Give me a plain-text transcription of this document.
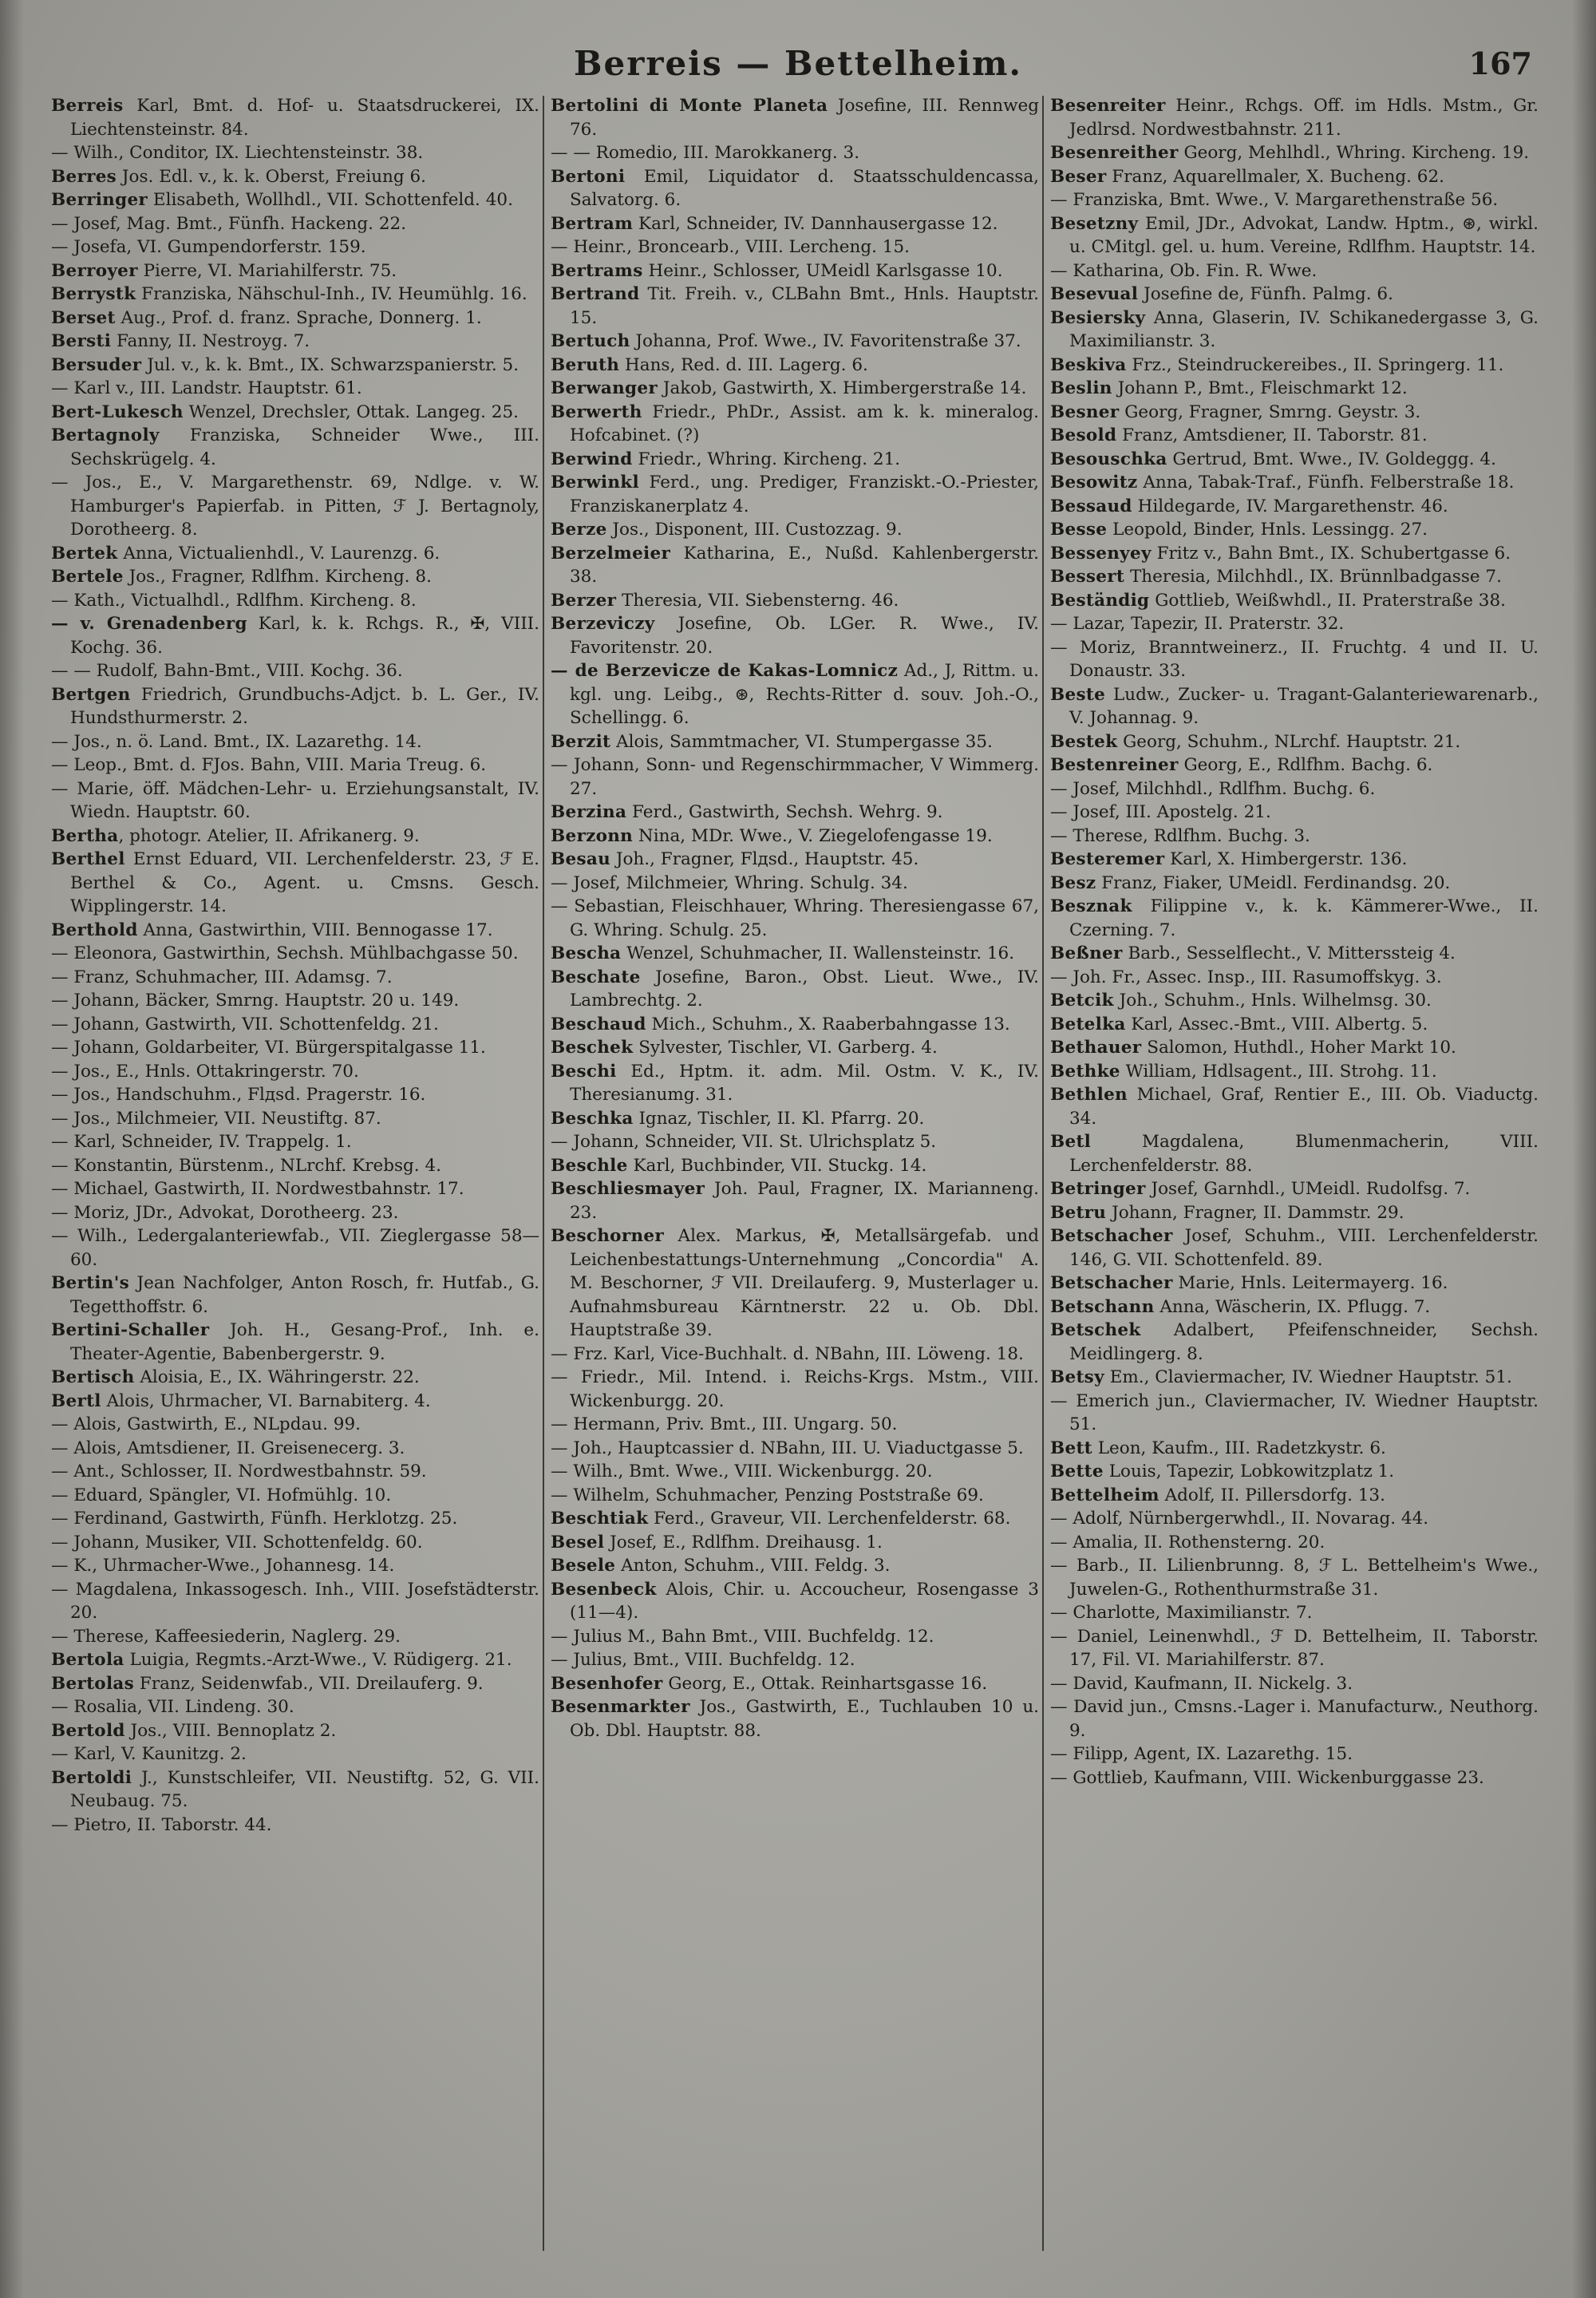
Berreis — Bettelheim.	167
Berreis Karl, Bmt. d. Hof- u. Staatsdruckerei, IX. Liechtensteinstr. 84.
— Wilh., Conditor, IX. Liechtensteinstr. 38.
Berres Jos. Edl. v., k. k. Oberst, Freiung 6.
Berringer Elisabeth, Wollhdl., VII. Schottenfeld. 40.
— Josef, Mag. Bmt., Fünfh. Hackeng. 22.
— Josefa, VI. Gumpendorferstr. 159.
Berroyer Pierre, VI. Mariahilferstr. 75.
Berrystk Franziska, Nähschul-Inh., IV. Heumühlg. 16.
Berset Aug., Prof. d. franz. Sprache, Donnerg. 1.
Bersti Fanny, II. Nestroyg. 7.
Bersuder Jul. v., k. k. Bmt., IX. Schwarzspanierstr. 5.
— Karl v., III. Landstr. Hauptstr. 61.
Bert-Lukesch Wenzel, Drechsler, Ottak. Langeg. 25.
Bertagnoly Franziska, Schneider Wwe., III. Sechskrügelg. 4.
— Jos., E., V. Margarethenstr. 69, Ndlge. v. W. Hamburger's Papierfab. in Pitten, ℱ J. Bertagnoly, Dorotheerg. 8.
Bertek Anna, Victualienhdl., V. Laurenzg. 6.
Bertele Jos., Fragner, Rdlfhm. Kircheng. 8.
— Kath., Victualhdl., Rdlfhm. Kircheng. 8.
— v. Grenadenberg Karl, k. k. Rchgs. R., ✠, VIII. Kochg. 36.
— — Rudolf, Bahn-Bmt., VIII. Kochg. 36.
Bertgen Friedrich, Grundbuchs-Adjct. b. L. Ger., IV. Hundsthurmerstr. 2.
— Jos., n. ö. Land. Bmt., IX. Lazarethg. 14.
— Leop., Bmt. d. FJos. Bahn, VIII. Maria Treug. 6.
— Marie, öff. Mädchen-Lehr- u. Erziehungsanstalt, IV. Wiedn. Hauptstr. 60.
Bertha, photogr. Atelier, II. Afrikanerg. 9.
Berthel Ernst Eduard, VII. Lerchenfelderstr. 23, ℱ E. Berthel & Co., Agent. u. Cmsns. Gesch. Wipplingerstr. 14.
Berthold Anna, Gastwirthin, VIII. Bennogasse 17.
— Eleonora, Gastwirthin, Sechsh. Mühlbachgasse 50.
— Franz, Schuhmacher, III. Adamsg. 7.
— Johann, Bäcker, Smrng. Hauptstr. 20 u. 149.
— Johann, Gastwirth, VII. Schottenfeldg. 21.
— Johann, Goldarbeiter, VI. Bürgerspitalgasse 11.
— Jos., E., Hnls. Ottakringerstr. 70.
— Jos., Handschuhm., Flдsd. Pragerstr. 16.
— Jos., Milchmeier, VII. Neustiftg. 87.
— Karl, Schneider, IV. Trappelg. 1.
— Konstantin, Bürstenm., NLrchf. Krebsg. 4.
— Michael, Gastwirth, II. Nordwestbahnstr. 17.
— Moriz, JDr., Advokat, Dorotheerg. 23.
— Wilh., Ledergalanteriewfab., VII. Zieglergasse 58—60.
Bertin's Jean Nachfolger, Anton Rosch, fr. Hutfab., G. Tegetthoffstr. 6.
Bertini-Schaller Joh. H., Gesang-Prof., Inh. e. Theater-Agentie, Babenbergerstr. 9.
Bertisch Aloisia, E., IX. Währingerstr. 22.
Bertl Alois, Uhrmacher, VI. Barnabiterg. 4.
— Alois, Gastwirth, E., NLpdau. 99.
— Alois, Amtsdiener, II. Greisenecerg. 3.
— Ant., Schlosser, II. Nordwestbahnstr. 59.
— Eduard, Spängler, VI. Hofmühlg. 10.
— Ferdinand, Gastwirth, Fünfh. Herklotzg. 25.
— Johann, Musiker, VII. Schottenfeldg. 60.
— K., Uhrmacher-Wwe., Johannesg. 14.
— Magdalena, Inkassogesch. Inh., VIII. Josefstädterstr. 20.
— Therese, Kaffeesiederin, Naglerg. 29.
Bertola Luigia, Regmts.-Arzt-Wwe., V. Rüdigerg. 21.
Bertolas Franz, Seidenwfab., VII. Dreilauferg. 9.
— Rosalia, VII. Lindeng. 30.
Bertold Jos., VIII. Bennoplatz 2.
— Karl, V. Kaunitzg. 2.
Bertoldi J., Kunstschleifer, VII. Neustiftg. 52, G. VII. Neubaug. 75.
— Pietro, II. Taborstr. 44.
Bertolini di Monte Planeta Josefine, III. Rennweg 76.
— — Romedio, III. Marokkanerg. 3.
Bertoni Emil, Liquidator d. Staatsschuldencassa, Salvatorg. 6.
Bertram Karl, Schneider, IV. Dannhausergasse 12.
— Heinr., Broncearb., VIII. Lercheng. 15.
Bertrams Heinr., Schlosser, UMeidl Karlsgasse 10.
Bertrand Tit. Freih. v., CLBahn Bmt., Hnls. Hauptstr. 15.
Bertuch Johanna, Prof. Wwe., IV. Favoritenstraße 37.
Beruth Hans, Red. d. III. Lagerg. 6.
Berwanger Jakob, Gastwirth, X. Himbergerstraße 14.
Berwerth Friedr., PhDr., Assist. am k. k. mineralog. Hofcabinet. (?)
Berwind Friedr., Whring. Kircheng. 21.
Berwinkl Ferd., ung. Prediger, Franziskt.-O.-Priester, Franziskanerplatz 4.
Berze Jos., Disponent, III. Custozzag. 9.
Berzelmeier Katharina, E., Nußd. Kahlenbergerstr. 38.
Berzer Theresia, VII. Siebensterng. 46.
Berzeviczy Josefine, Ob. LGer. R. Wwe., IV. Favoritenstr. 20.
— de Berzevicze de Kakas-Lomnicz Ad., J, Rittm. u. kgl. ung. Leibg., ⊛, Rechts-Ritter d. souv. Joh.-O., Schellingg. 6.
Berzit Alois, Sammtmacher, VI. Stumpergasse 35.
— Johann, Sonn- und Regenschirmmacher, V Wimmerg. 27.
Berzina Ferd., Gastwirth, Sechsh. Wehrg. 9.
Berzonn Nina, MDr. Wwe., V. Ziegelofengasse 19.
Besau Joh., Fragner, Flдsd., Hauptstr. 45.
— Josef, Milchmeier, Whring. Schulg. 34.
— Sebastian, Fleischhauer, Whring. Theresiengasse 67, G. Whring. Schulg. 25.
Bescha Wenzel, Schuhmacher, II. Wallensteinstr. 16.
Beschate Josefine, Baron., Obst. Lieut. Wwe., IV. Lambrechtg. 2.
Beschaud Mich., Schuhm., X. Raaberbahngasse 13.
Beschek Sylvester, Tischler, VI. Garberg. 4.
Beschi Ed., Hptm. it. adm. Mil. Ostm. V. K., IV. Theresianumg. 31.
Beschka Ignaz, Tischler, II. Kl. Pfarrg. 20.
— Johann, Schneider, VII. St. Ulrichsplatz 5.
Beschle Karl, Buchbinder, VII. Stuckg. 14.
Beschliesmayer Joh. Paul, Fragner, IX. Marianneng. 23.
Beschorner Alex. Markus, ✠, Metallsärgefab. und Leichenbestattungs-Unternehmung „Concordia" A. M. Beschorner, ℱ VII. Dreilauferg. 9, Musterlager u. Aufnahmsbureau Kärntnerstr. 22 u. Ob. Dbl. Hauptstraße 39.
— Frz. Karl, Vice-Buchhalt. d. NBahn, III. Löweng. 18.
— Friedr., Mil. Intend. i. Reichs-Krgs. Mstm., VIII. Wickenburgg. 20.
— Hermann, Priv. Bmt., III. Ungarg. 50.
— Joh., Hauptcassier d. NBahn, III. U. Viaductgasse 5.
— Wilh., Bmt. Wwe., VIII. Wickenburgg. 20.
— Wilhelm, Schuhmacher, Penzing Poststraße 69.
Beschtiak Ferd., Graveur, VII. Lerchenfelderstr. 68.
Besel Josef, E., Rdlfhm. Dreihausg. 1.
Besele Anton, Schuhm., VIII. Feldg. 3.
Besenbeck Alois, Chir. u. Accoucheur, Rosengasse 3 (11—4).
— Julius M., Bahn Bmt., VIII. Buchfeldg. 12.
— Julius, Bmt., VIII. Buchfeldg. 12.
Besenhofer Georg, E., Ottak. Reinhartsgasse 16.
Besenmarkter Jos., Gastwirth, E., Tuchlauben 10 u. Ob. Dbl. Hauptstr. 88.
Besenreiter Heinr., Rchgs. Off. im Hdls. Mstm., Gr. Jedlrsd. Nordwestbahnstr. 211.
Besenreither Georg, Mehlhdl., Whring. Kircheng. 19.
Beser Franz, Aquarellmaler, X. Bucheng. 62.
— Franziska, Bmt. Wwe., V. Margarethenstraße 56.
Besetzny Emil, JDr., Advokat, Landw. Hptm., ⊛, wirkl. u. CMitgl. gel. u. hum. Vereine, Rdlfhm. Hauptstr. 14.
— Katharina, Ob. Fin. R. Wwe.
Besevual Josefine de, Fünfh. Palmg. 6.
Besiersky Anna, Glaserin, IV. Schikanedergasse 3, G. Maximilianstr. 3.
Beskiva Frz., Steindruckereibes., II. Springerg. 11.
Beslin Johann P., Bmt., Fleischmarkt 12.
Besner Georg, Fragner, Smrng. Geystr. 3.
Besold Franz, Amtsdiener, II. Taborstr. 81.
Besouschka Gertrud, Bmt. Wwe., IV. Goldeggg. 4.
Besowitz Anna, Tabak-Traf., Fünfh. Felberstraße 18.
Bessaud Hildegarde, IV. Margarethenstr. 46.
Besse Leopold, Binder, Hnls. Lessingg. 27.
Bessenyey Fritz v., Bahn Bmt., IX. Schubertgasse 6.
Bessert Theresia, Milchhdl., IX. Brünnlbadgasse 7.
Beständig Gottlieb, Weißwhdl., II. Praterstraße 38.
— Lazar, Tapezir, II. Praterstr. 32.
— Moriz, Branntweinerz., II. Fruchtg. 4 und II. U. Donaustr. 33.
Beste Ludw., Zucker- u. Tragant-Galanteriewarenarb., V. Johannag. 9.
Bestek Georg, Schuhm., NLrchf. Hauptstr. 21.
Bestenreiner Georg, E., Rdlfhm. Bachg. 6.
— Josef, Milchhdl., Rdlfhm. Buchg. 6.
— Josef, III. Apostelg. 21.
— Therese, Rdlfhm. Buchg. 3.
Besteremer Karl, X. Himbergerstr. 136.
Besz Franz, Fiaker, UMeidl. Ferdinandsg. 20.
Besznak Filippine v., k. k. Kämmerer-Wwe., II. Czerning. 7.
Beßner Barb., Sesselflecht., V. Mitterssteig 4.
— Joh. Fr., Assec. Insp., III. Rasumoffskyg. 3.
Betcik Joh., Schuhm., Hnls. Wilhelmsg. 30.
Betelka Karl, Assec.-Bmt., VIII. Albertg. 5.
Bethauer Salomon, Huthdl., Hoher Markt 10.
Bethke William, Hdlsagent., III. Strohg. 11.
Bethlen Michael, Graf, Rentier E., III. Ob. Viaductg. 34.
Betl Magdalena, Blumenmacherin, VIII. Lerchenfelderstr. 88.
Betringer Josef, Garnhdl., UMeidl. Rudolfsg. 7.
Betru Johann, Fragner, II. Dammstr. 29.
Betschacher Josef, Schuhm., VIII. Lerchenfelderstr. 146, G. VII. Schottenfeld. 89.
Betschacher Marie, Hnls. Leitermayerg. 16.
Betschann Anna, Wäscherin, IX. Pflugg. 7.
Betschek Adalbert, Pfeifenschneider, Sechsh. Meidlingerg. 8.
Betsy Em., Claviermacher, IV. Wiedner Hauptstr. 51.
— Emerich jun., Claviermacher, IV. Wiedner Hauptstr. 51.
Bett Leon, Kaufm., III. Radetzkystr. 6.
Bette Louis, Tapezir, Lobkowitzplatz 1.
Bettelheim Adolf, II. Pillersdorfg. 13.
— Adolf, Nürnbergerwhdl., II. Novarag. 44.
— Amalia, II. Rothensterng. 20.
— Barb., II. Lilienbrunng. 8, ℱ L. Bettelheim's Wwe., Juwelen-G., Rothenthurmstraße 31.
— Charlotte, Maximilianstr. 7.
— Daniel, Leinenwhdl., ℱ D. Bettelheim, II. Taborstr. 17, Fil. VI. Mariahilferstr. 87.
— David, Kaufmann, II. Nickelg. 3.
— David jun., Cmsns.-Lager i. Manufacturw., Neuthorg. 9.
— Filipp, Agent, IX. Lazarethg. 15.
— Gottlieb, Kaufmann, VIII. Wickenburggasse 23.
